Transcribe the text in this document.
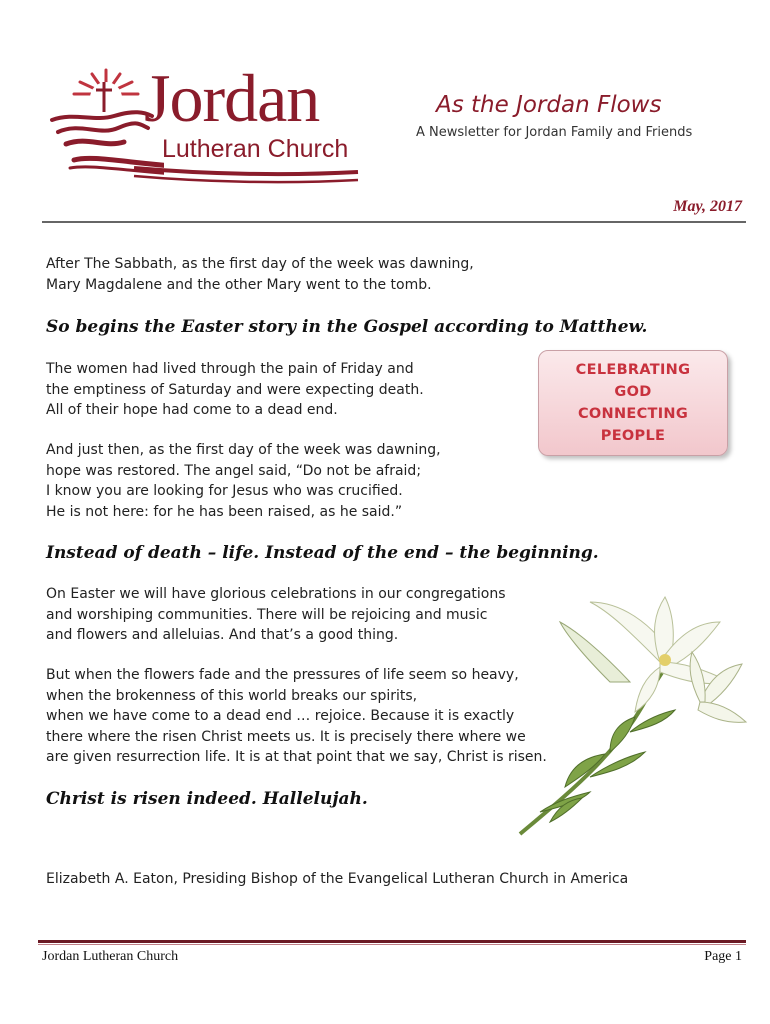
Jordan
Lutheran Church
As the Jordan Flows
A Newsletter for Jordan Family and Friends
May, 2017
After The Sabbath, as the first day of the week was dawning,
Mary Magdalene and the other Mary went to the tomb.
So begins the Easter story in the Gospel according to Matthew.
The women had lived through the pain of Friday and
the emptiness of Saturday and were expecting death.
All of their hope had come to a dead end.
And just then, as the first day of the week was dawning,
hope was restored. The angel said, “Do not be afraid;
I know you are looking for Jesus who was crucified.
He is not here: for he has been raised, as he said.”
CELEBRATING
GOD
CONNECTING
PEOPLE
Instead of death – life. Instead of the end – the beginning.
On Easter we will have glorious celebrations in our congregations
and worshiping communities. There will be rejoicing and music
and flowers and alleluias. And that’s a good thing.
But when the flowers fade and the pressures of life seem so heavy,
when the brokenness of this world breaks our spirits,
when we have come to a dead end … rejoice. Because it is exactly
there where the risen Christ meets us. It is precisely there where we
are given resurrection life. It is at that point that we say, Christ is risen.
Christ is risen indeed. Hallelujah.
Elizabeth A. Eaton, Presiding Bishop of the Evangelical Lutheran Church in America
Jordan Lutheran Church	Page 1
